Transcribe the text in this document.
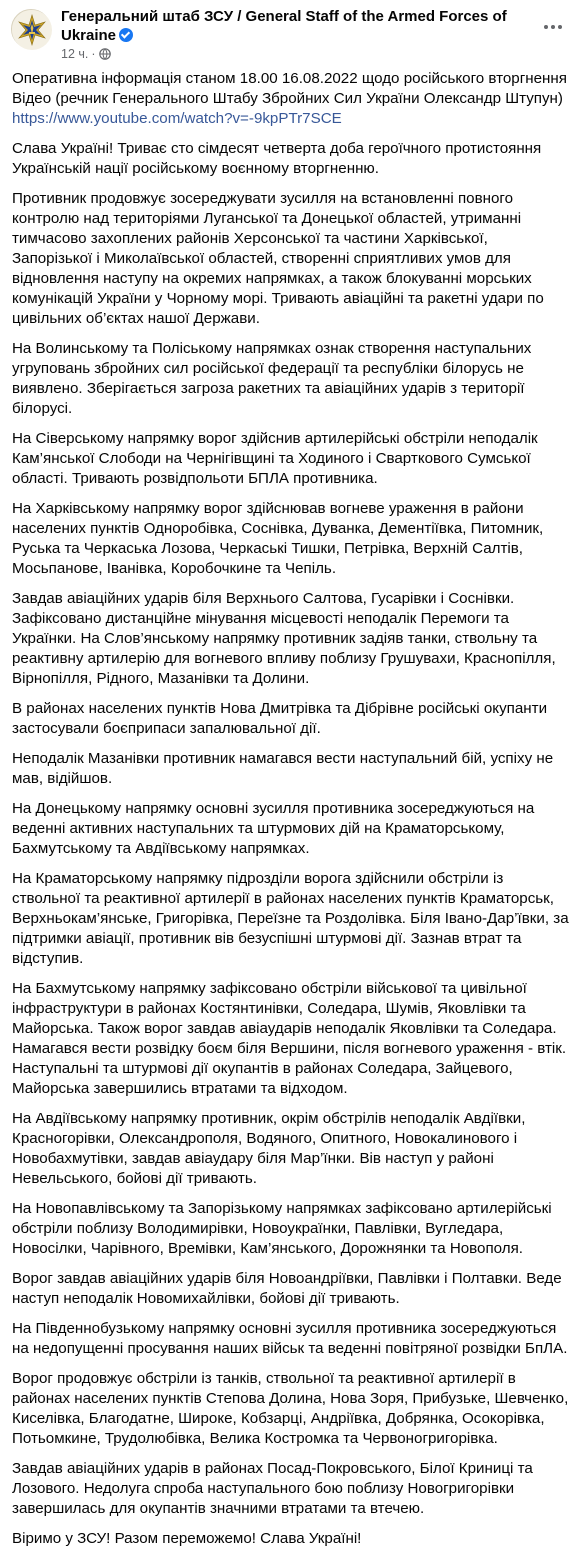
Генеральний штаб ЗСУ / General Staff of the Armed Forces of Ukraine
12 ч. ·

Оперативна інформація станом 18.00 16.08.2022 щодо російського вторгнення Відео (речник Генерального Штабу Збройних Сил України Олександр Штупун)
https://www.youtube.com/watch?v=-9kpPTr7SCE

Слава Україні! Триває сто сімдесят четверта доба героїчного протистояння Українській нації російському воєнному вторгненню.

Противник продовжує зосереджувати зусилля на встановленні повного контролю над територіями Луганської та Донецької областей, утриманні тимчасово захоплених районів Херсонської та частини Харківської, Запорізької і Миколаївської областей, створенні сприятливих умов для відновлення наступу на окремих напрямках, а також блокуванні морських комунікацій України у Чорному морі. Тривають авіаційні та ракетні удари по цивільних об’єктах нашої Держави.

На Волинському та Поліському напрямках ознак створення наступальних угруповань збройних сил російської федерації та республіки білорусь не виявлено. Зберігається загроза ракетних та авіаційних ударів з території білорусі.

На Сіверському напрямку ворог здійснив артилерійські обстріли неподалік Кам’янської Слободи на Чернігівщині та Ходиного і Сварткового Сумської області. Тривають розвідпольоти БПЛА противника.

На Харківському напрямку ворог здійснював вогневе ураження в райони населених пунктів Одноробівка, Соснівка, Дуванка, Дементіївка, Питомник, Руська та Черкаська Лозова, Черкаські Тишки, Петрівка, Верхній Салтів, Мосьпанове, Іванівка, Коробочкине та Чепіль.

Завдав авіаційних ударів біля Верхнього Салтова, Гусарівки і Соснівки. Зафіксовано дистанційне мінування місцевості неподалік Перемоги та Українки. На Слов’янському напрямку противник задіяв танки, ствольну та реактивну артилерію для вогневого впливу поблизу Грушувахи, Краснопілля, Вірнопілля, Рідного, Мазанівки та Долини.

В районах населених пунктів Нова Дмитрівка та Дібрівне російські окупанти застосували боєприпаси запалювальної дії.

Неподалік Мазанівки противник намагався вести наступальний бій, успіху не мав, відійшов.

На Донецькому напрямку основні зусилля противника зосереджуються на веденні активних наступальних та штурмових дій на Краматорському, Бахмутському та Авдіївському напрямках.

На Краматорському напрямку підрозділи ворога здійснили обстріли із ствольної та реактивної артилерії в районах населених пунктів Краматорськ, Верхньокам’янське, Григорівка, Перeїзне та Роздолівка. Біля Івано-Дар’ївки, за підтримки авіації, противник вів безуспішні штурмові дії. Зазнав втрат та відступив.

На Бахмутському напрямку зафіксовано обстріли військової та цивільної інфраструктури в районах Костянтинівки, Соледара, Шумів, Яковлівки та Майорська. Також ворог завдав авіаударів неподалік Яковлівки та Соледара. Намагався вести розвідку боєм біля Вершини, після вогневого ураження - втік. Наступальні та штурмові дії окупантів в районах Соледара, Зайцевого, Майорська завершились втратами та відходом.

На Авдіївському напрямку противник, окрім обстрілів неподалік Авдіївки, Красногорівки, Олександрополя, Водяного, Опитного, Новокалинового і Новобахмутівки, завдав авіаудару біля Мар’їнки. Вів наступ у районі Невельського, бойові дії тривають.

На Новопавлівському та Запорізькому напрямках зафіксовано артилерійські обстріли поблизу Володимирівки, Новоукраїнки, Павлівки, Вугледара, Новосілки, Чарівного, Времівки, Кам’янського, Дорожнянки та Новополя.

Ворог завдав авіаційних ударів біля Новоандріївки, Павлівки і Полтавки. Веде наступ неподалік Новомихайлівки, бойові дії тривають.

На Південнобузькому напрямку основні зусилля противника зосереджуються на недопущенні просування наших військ та веденні повітряної розвідки БпЛА.

Ворог продовжує обстріли із танків, ствольної та реактивної артилерії в районах населених пунктів Степова Долина, Нова Зоря, Прибузьке, Шевченко, Киселівка, Благодатне, Широке, Кобзарці, Андріївка, Добрянка, Осокорівка, Потьомкине, Трудолюбівка, Велика Костромка та Червоногригорівка.

Завдав авіаційних ударів в районах Посад-Покровського, Білої Криниці та Лозового. Недолуга спроба наступального бою поблизу Новогригорівки завершилась для окупантів значними втратами та втечею.

Віримо у ЗСУ! Разом переможемо! Слава Україні!
